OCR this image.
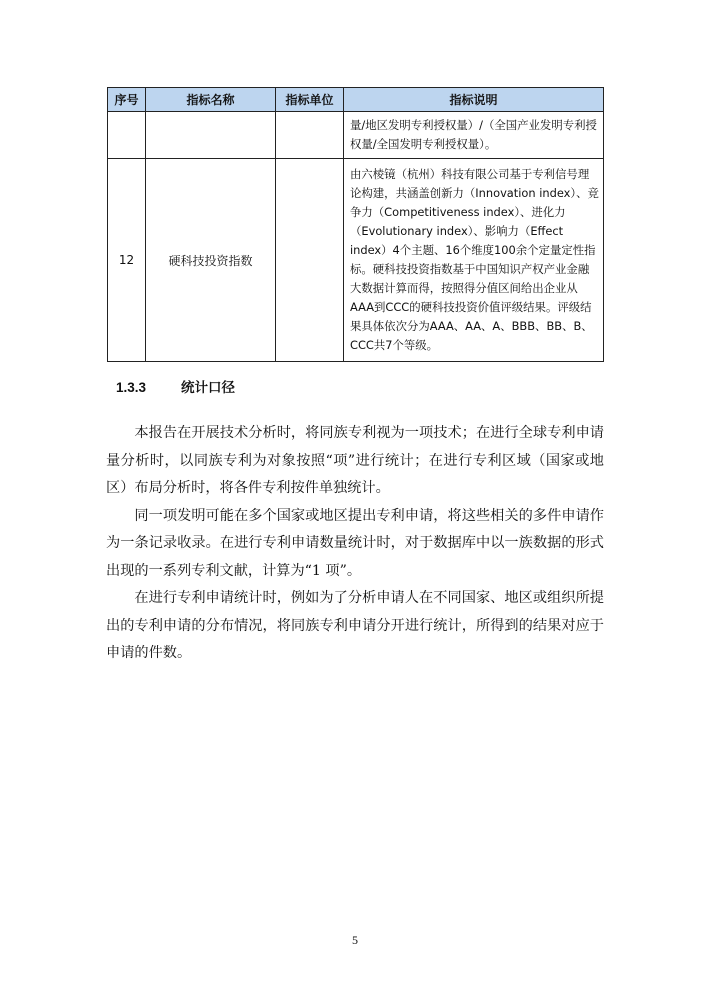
序号	指标名称	指标单位	指标说明
			量/地区发明专利授权量）/（全国产业发明专利授权量/全国发明专利授权量）。
12	硬科技投资指数		由六棱镜（杭州）科技有限公司基于专利信号理论构建，共涵盖创新力（Innovation index）、竞争力（Competitiveness index）、进化力（Evolutionary index）、影响力（Effect index）4个主题、16个维度100余个定量定性指标。硬科技投资指数基于中国知识产权产业金融大数据计算而得，按照得分值区间给出企业从AAA到CCC的硬科技投资价值评级结果。评级结果具体依次分为AAA、AA、A、BBB、BB、B、CCC共7个等级。
1.3.3	统计口径

本报告在开展技术分析时，将同族专利视为一项技术；在进行全球专利申请量分析时，以同族专利为对象按照“项”进行统计；在进行专利区域（国家或地区）布局分析时，将各件专利按件单独统计。

同一项发明可能在多个国家或地区提出专利申请，将这些相关的多件申请作为一条记录收录。在进行专利申请数量统计时，对于数据库中以一族数据的形式出现的一系列专利文献，计算为“1 项”。

在进行专利申请统计时，例如为了分析申请人在不同国家、地区或组织所提出的专利申请的分布情况，将同族专利申请分开进行统计，所得到的结果对应于申请的件数。

5
